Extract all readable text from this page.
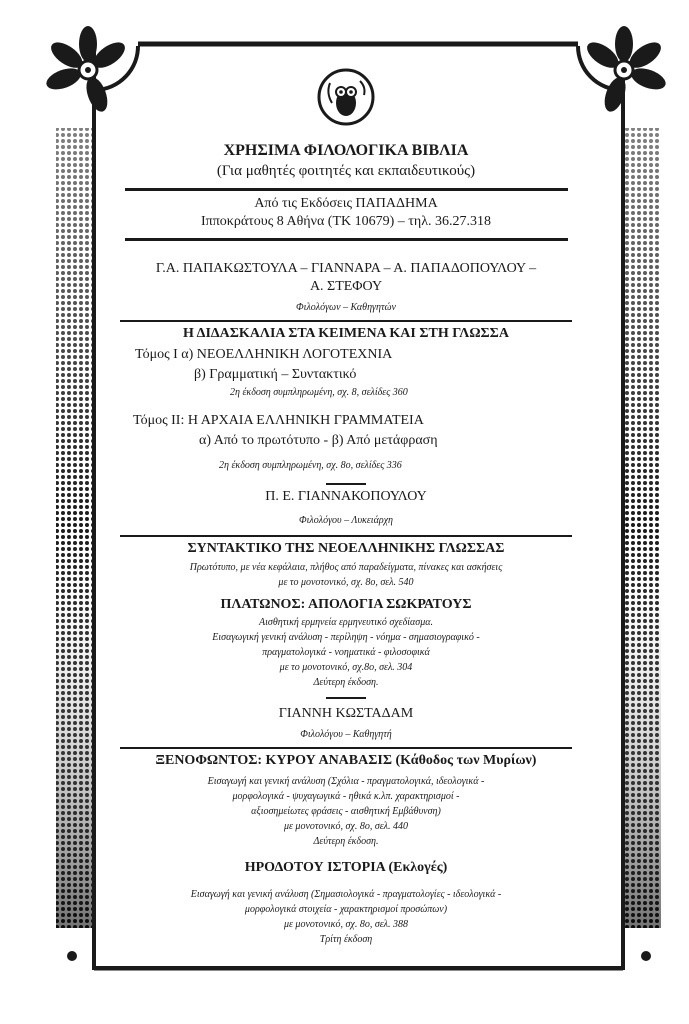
ΧΡΗΣΙΜΑ ΦΙΛΟΛΟΓΙΚΑ ΒΙΒΛΙΑ
(Για μαθητές φοιτητές και εκπαιδευτικούς)
Από τις Εκδόσεις ΠΑΠΑΔΗΜΑ
Ιπποκράτους 8 Αθήνα (ΤΚ 10679) – τηλ. 36.27.318
Γ.Α. ΠΑΠΑΚΩΣΤΟΥΛΑ – ΓΙΑΝΝΑΡΑ – Α. ΠΑΠΑΔΟΠΟΥΛΟΥ –
Α. ΣΤΕΦΟΥ
Φιλολόγων – Καθηγητών
Η ΔΙΔΑΣΚΑΛΙΑ ΣΤΑ ΚΕΙΜΕΝΑ ΚΑΙ ΣΤΗ ΓΛΩΣΣΑ
Τόμος Ι α) ΝΕΟΕΛΛΗΝΙΚΗ ΛΟΓΟΤΕΧΝΙΑ
β) Γραμματική – Συντακτικό
2η έκδοση συμπληρωμένη, σχ. 8, σελίδες 360
Τόμος ΙΙ: Η ΑΡΧΑΙΑ ΕΛΛΗΝΙΚΗ ΓΡΑΜΜΑΤΕΙΑ
α) Από το πρωτότυπο - β) Από μετάφραση
2η έκδοση συμπληρωμένη, σχ. 8ο, σελίδες 336
Π. Ε. ΓΙΑΝΝΑΚΟΠΟΥΛΟΥ
Φιλολόγου – Λυκειάρχη
ΣΥΝΤΑΚΤΙΚΟ ΤΗΣ ΝΕΟΕΛΛΗΝΙΚΗΣ ΓΛΩΣΣΑΣ
Πρωτότυπο, με νέα κεφάλαια, πλήθος από παραδείγματα, πίνακες και ασκήσεις
με το μονοτονικό, σχ. 8ο, σελ. 540
ΠΛΑΤΩΝΟΣ: ΑΠΟΛΟΓΙΑ ΣΩΚΡΑΤΟΥΣ
Αισθητική ερμηνεία ερμηνευτικό σχεδίασμα.
Εισαγωγική γενική ανάλυση - περίληψη - νόημα - σημασιογραφικό -
πραγματολογικά - νοηματικά - φιλοσοφικά
με το μονοτονικό, σχ.8ο, σελ. 304
Δεύτερη έκδοση.
ΓΙΑΝΝΗ ΚΩΣΤΑΔΑΜ
Φιλολόγου – Καθηγητή
ΞΕΝΟΦΩΝΤΟΣ: ΚΥΡΟΥ ΑΝΑΒΑΣΙΣ (Κάθοδος των Μυρίων)
Εισαγωγή και γενική ανάλυση (Σχόλια - πραγματολογικά, ιδεολογικά -
μορφολογικά - ψυχαγωγικά - ηθικά κ.λπ. χαρακτηρισμοί -
αξιοσημείωτες φράσεις - αισθητική Εμβάθυνση)
με μονοτονικό, σχ. 8ο, σελ. 440
Δεύτερη έκδοση.
ΗΡΟΔΟΤΟΥ ΙΣΤΟΡΙΑ (Εκλογές)
Εισαγωγή και γενική ανάλυση (Σημασιολογικά - πραγματολογίες - ιδεολογικά -
μορφολογικά στοιχεία - χαρακτηρισμοί προσώπων)
με μονοτονικό, σχ. 8ο, σελ. 388
Τρίτη έκδοση
